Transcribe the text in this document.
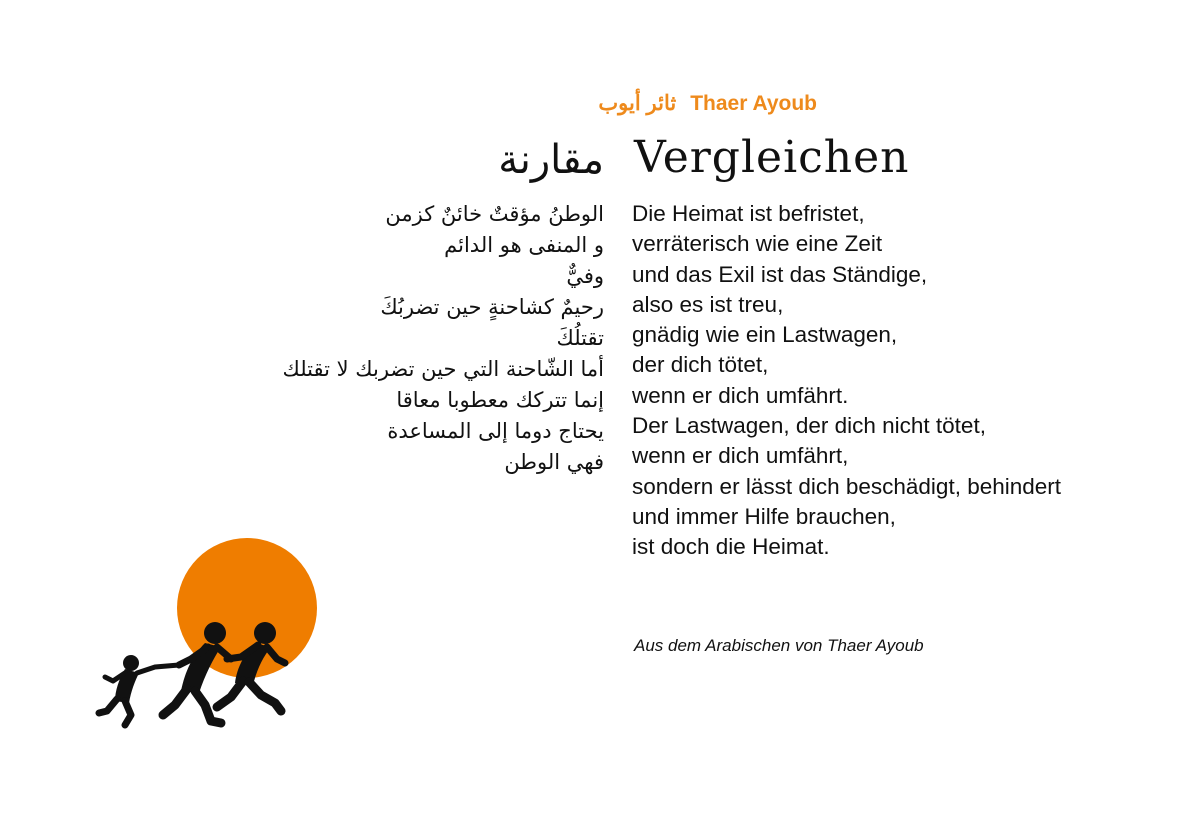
ثائر أيوب Thaer Ayoub
مقارنة Vergleichen
الوطنُ مؤقتٌ خائنٌ كزمن
و المنفى هو الدائم
وفيٌّ
رحيمٌ كشاحنةٍ حين تضربُكَ
تقتلُكَ
أما الشّاحنة التي حين تضربك لا تقتلك
إنما تتركك معطوبا معاقا
يحتاج دوما إلى المساعدة
فهي الوطن
Die Heimat ist befristet,
verräterisch wie eine Zeit
und das Exil ist das Ständige,
also es ist treu,
gnädig wie ein Lastwagen,
der dich tötet,
wenn er dich umfährt.
Der Lastwagen, der dich nicht tötet,
wenn er dich umfährt,
sondern er lässt dich beschädigt, behindert
und immer Hilfe brauchen,
ist doch die Heimat.
Aus dem Arabischen von Thaer Ayoub
